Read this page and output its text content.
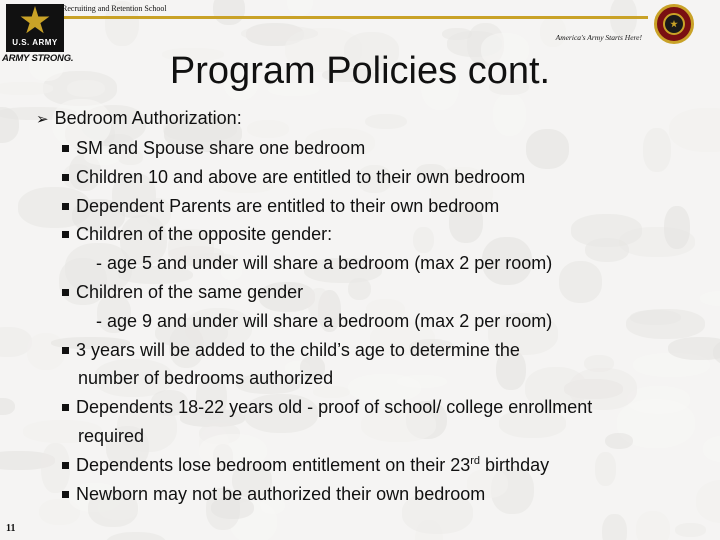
U.S. ARMY
ARMY STRONG.
Recruiting and Retention School
America's Army Starts Here!
Program Policies cont.
➢ Bedroom Authorization:
SM and Spouse share one bedroom
Children 10 and above are entitled to their own bedroom
Dependent Parents are entitled to their own bedroom
Children of the opposite gender:
- age 5 and under will share a bedroom (max 2 per room)
Children of the same gender
- age 9 and under will share a bedroom (max 2 per room)
3 years will be added to the child’s age to determine the
number of bedrooms authorized
Dependents 18-22 years old - proof of school/ college enrollment
required
Dependents lose bedroom entitlement on their 23rd birthday
Newborn may not be authorized their own bedroom
11
